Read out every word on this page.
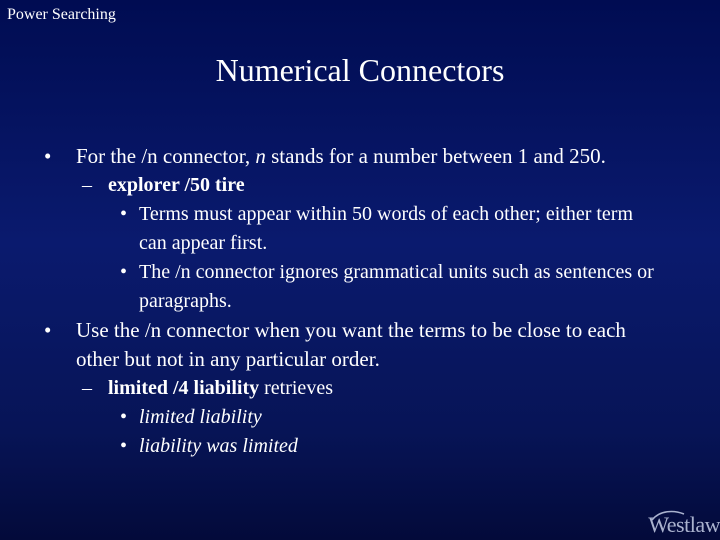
Power Searching
Numerical Connectors
• For the /n connector, n stands for a number between 1 and 250.
– explorer /50 tire
• Terms must appear within 50 words of each other; either term can appear first.
• The /n connector ignores grammatical units such as sentences or paragraphs.
• Use the /n connector when you want the terms to be close to each other but not in any particular order.
– limited /4 liability retrieves
• limited liability
• liability was limited
Westlaw
